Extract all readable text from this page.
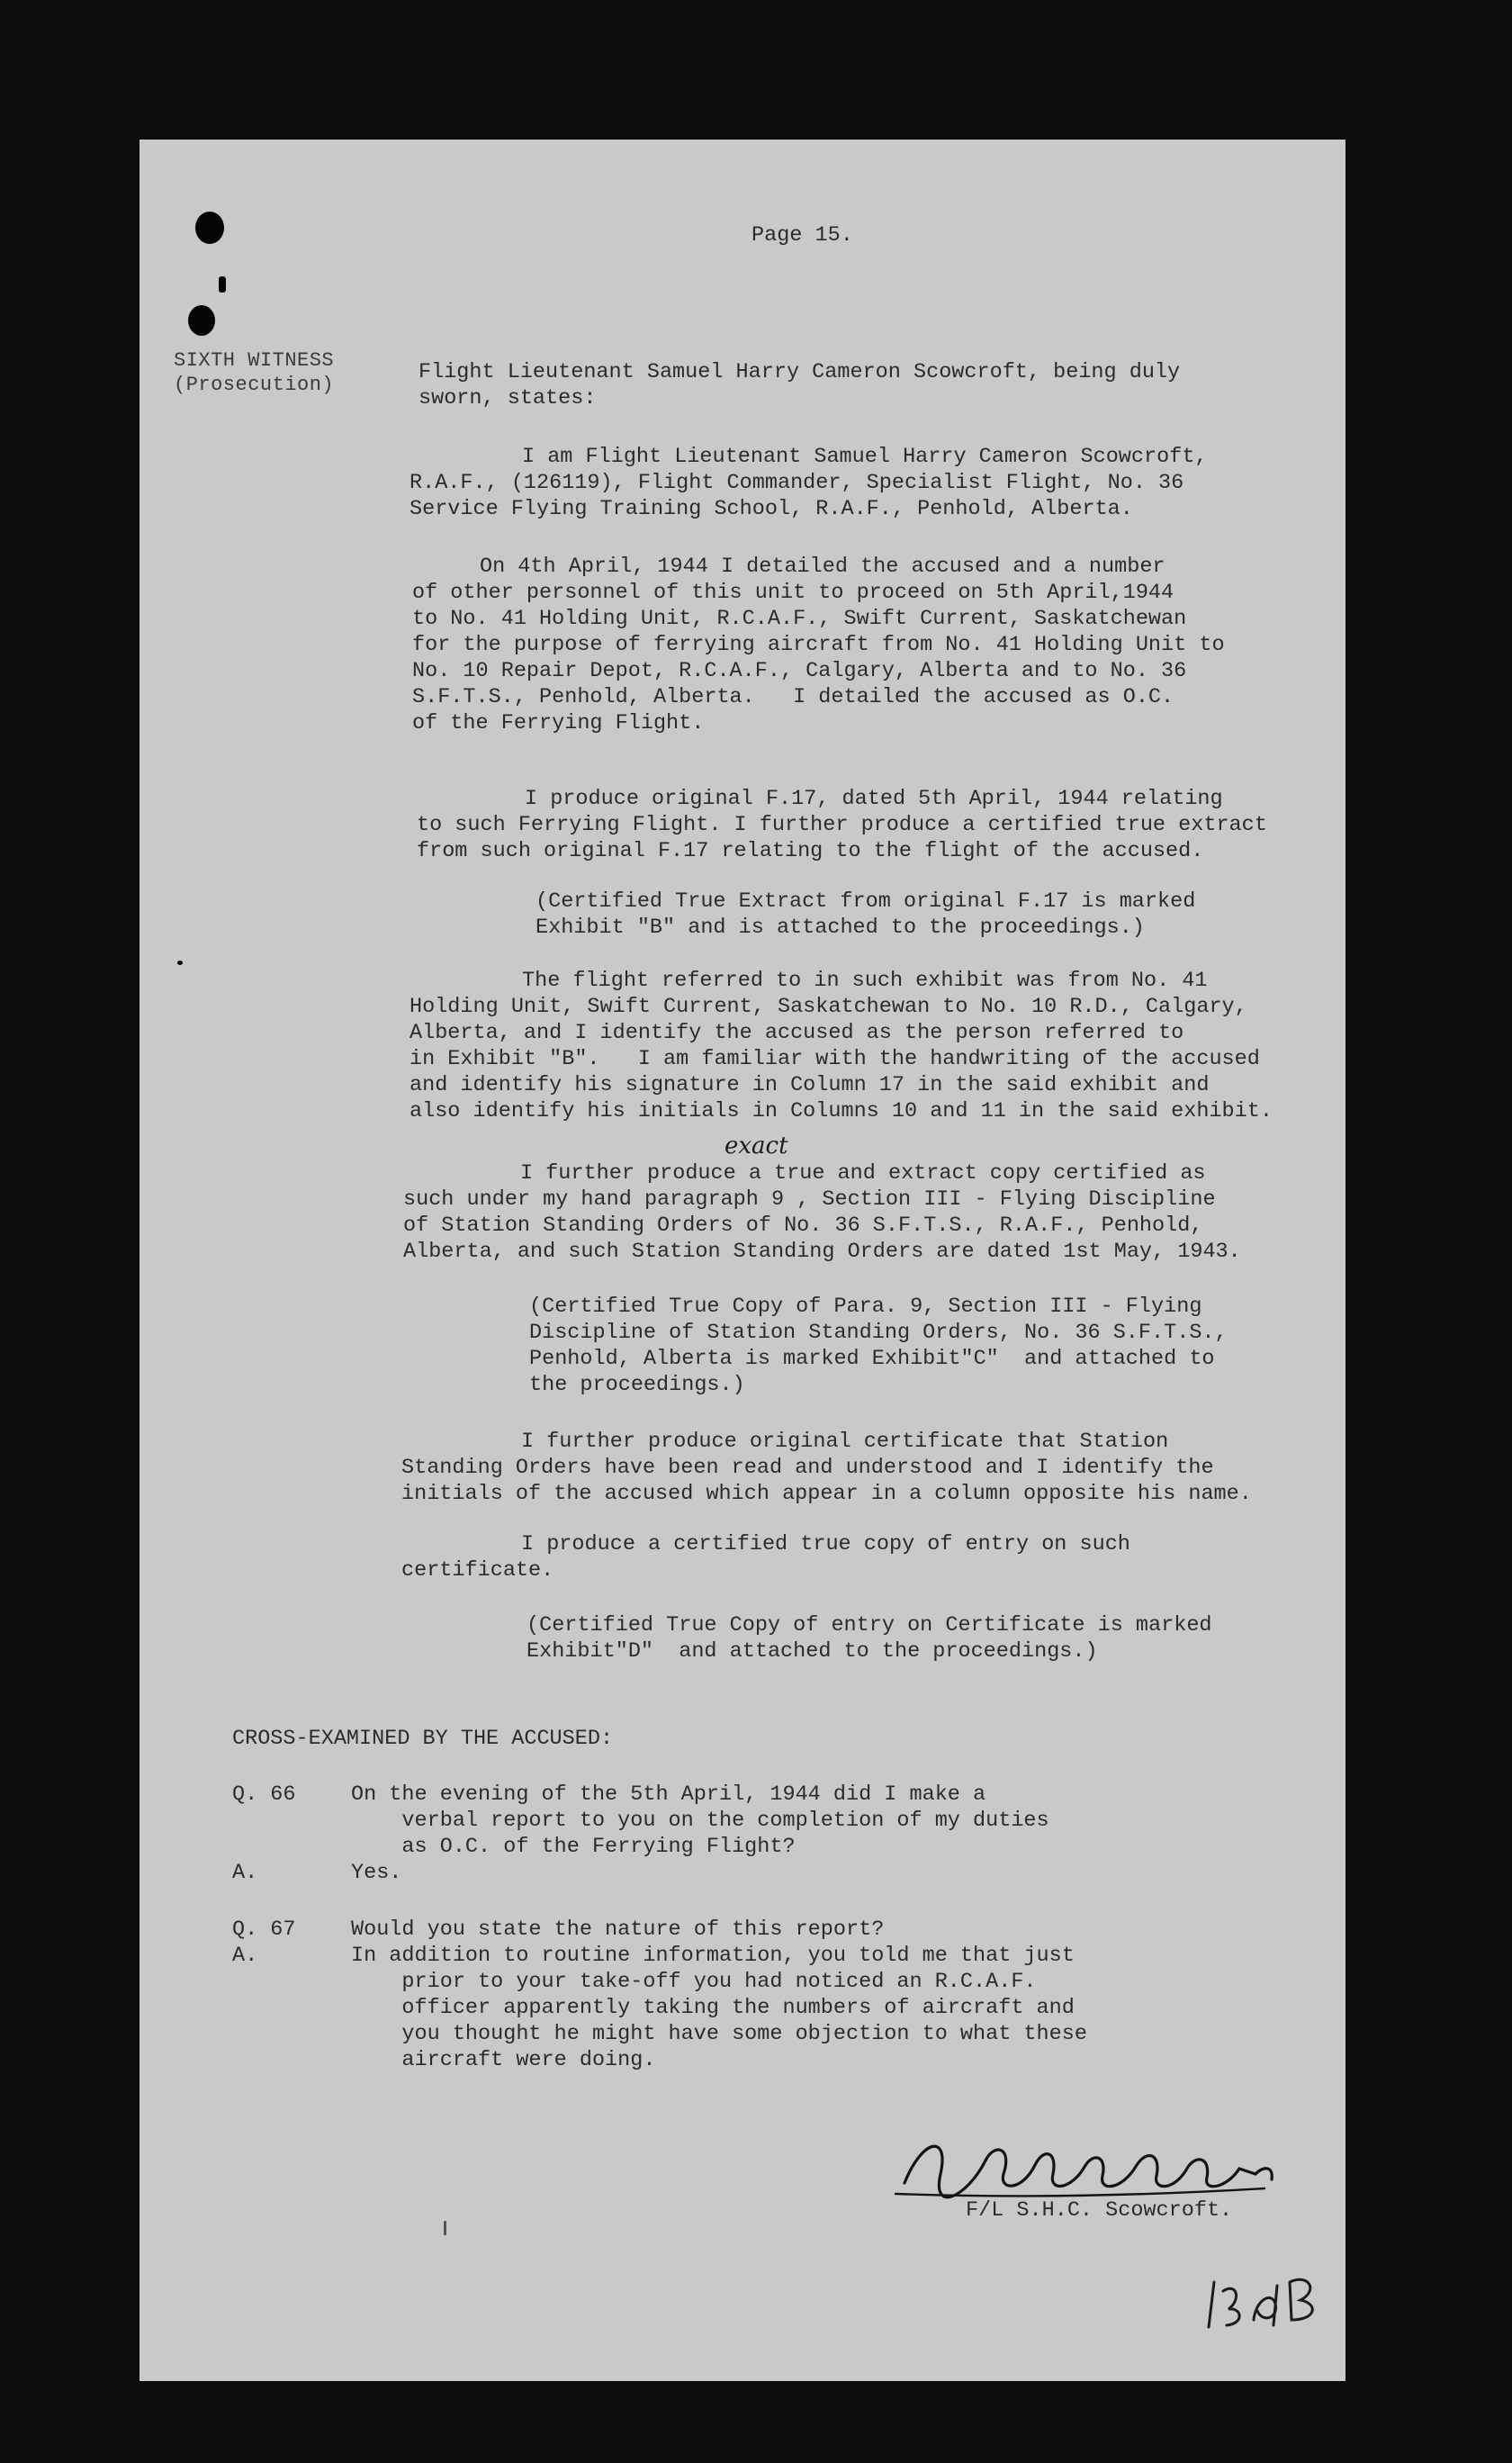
Page 15.
SIXTH WITNESS
(Prosecution)
Flight Lieutenant Samuel Harry Cameron Scowcroft, being duly
sworn, states:
I am Flight Lieutenant Samuel Harry Cameron Scowcroft,
R.A.F., (126119), Flight Commander, Specialist Flight, No. 36
Service Flying Training School, R.A.F., Penhold, Alberta.
On 4th April, 1944 I detailed the accused and a number
of other personnel of this unit to proceed on 5th April,1944
to No. 41 Holding Unit, R.C.A.F., Swift Current, Saskatchewan
for the purpose of ferrying aircraft from No. 41 Holding Unit to
No. 10 Repair Depot, R.C.A.F., Calgary, Alberta and to No. 36
S.F.T.S., Penhold, Alberta.   I detailed the accused as O.C.
of the Ferrying Flight.
I produce original F.17, dated 5th April, 1944 relating
to such Ferrying Flight. I further produce a certified true extract
from such original F.17 relating to the flight of the accused.
(Certified True Extract from original F.17 is marked
Exhibit "B" and is attached to the proceedings.)
The flight referred to in such exhibit was from No. 41
Holding Unit, Swift Current, Saskatchewan to No. 10 R.D., Calgary,
Alberta, and I identify the accused as the person referred to
in Exhibit "B".   I am familiar with the handwriting of the accused
and identify his signature in Column 17 in the said exhibit and
also identify his initials in Columns 10 and 11 in the said exhibit.
exact
I further produce a true and extract copy certified as
such under my hand paragraph 9 , Section III - Flying Discipline
of Station Standing Orders of No. 36 S.F.T.S., R.A.F., Penhold,
Alberta, and such Station Standing Orders are dated 1st May, 1943.
(Certified True Copy of Para. 9, Section III - Flying
Discipline of Station Standing Orders, No. 36 S.F.T.S.,
Penhold, Alberta is marked Exhibit"C"  and attached to
the proceedings.)
I further produce original certificate that Station
Standing Orders have been read and understood and I identify the
initials of the accused which appear in a column opposite his name.
I produce a certified true copy of entry on such
certificate.
(Certified True Copy of entry on Certificate is marked
Exhibit"D"  and attached to the proceedings.)
CROSS-EXAMINED BY THE ACCUSED:
Q. 66	On the evening of the 5th April, 1944 did I make a
verbal report to you on the completion of my duties
as O.C. of the Ferrying Flight?
A.	Yes.
Q. 67	Would you state the nature of this report?
A.	In addition to routine information, you told me that just
prior to your take-off you had noticed an R.C.A.F.
officer apparently taking the numbers of aircraft and
you thought he might have some objection to what these
aircraft were doing.
F/L S.H.C. Scowcroft.
